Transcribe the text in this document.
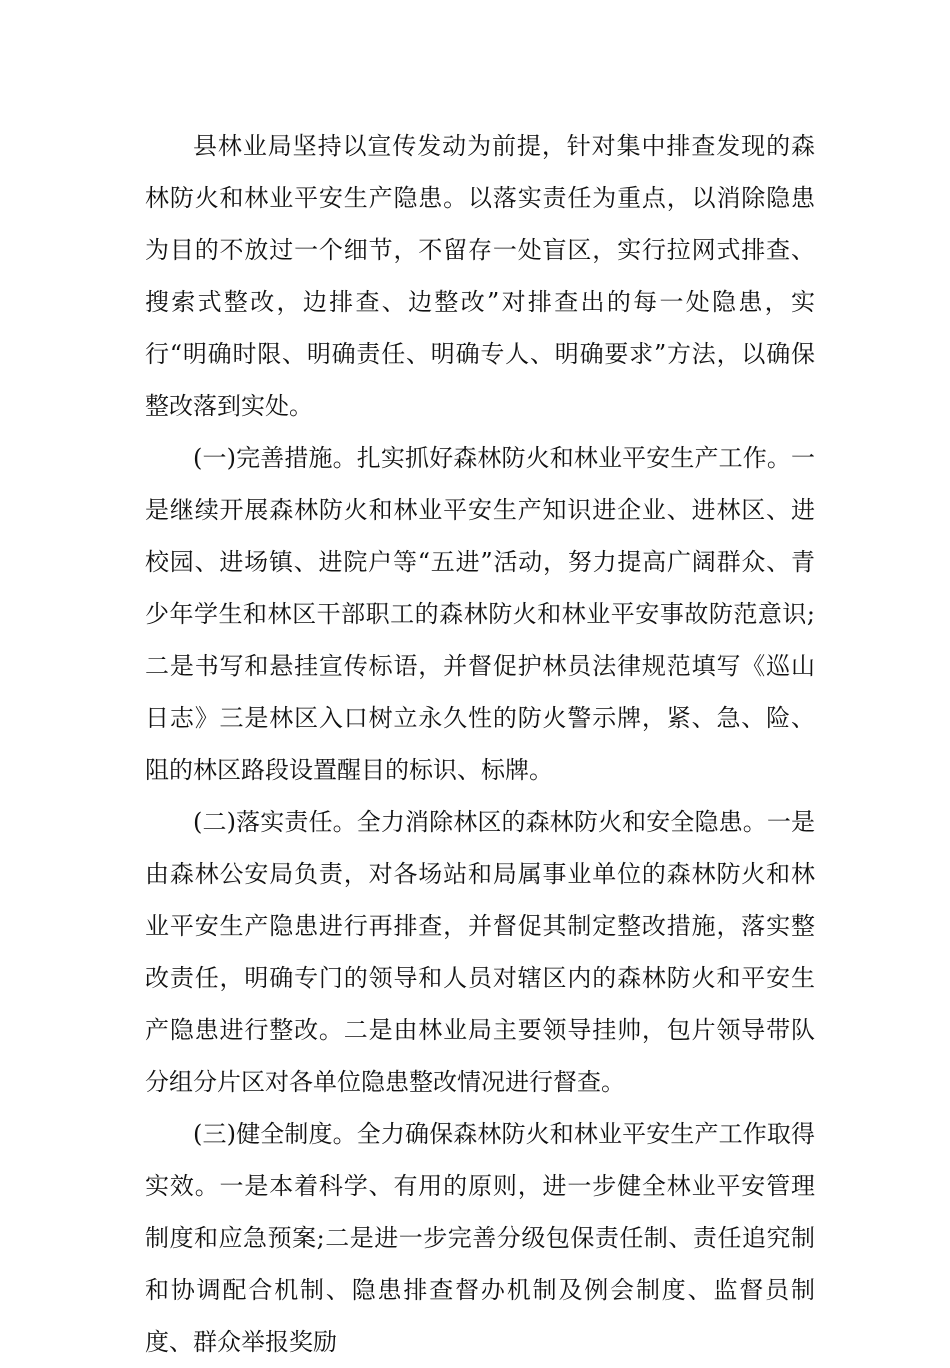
县林业局坚持以宣传发动为前提，针对集中排查发现的森林防火和林业平安生产隐患。以落实责任为重点，以消除隐患为目的不放过一个细节，不留存一处盲区，实行拉网式排查、搜索式整改，边排查、边整改”对排查出的每一处隐患，实行“明确时限、明确责任、明确专人、明确要求”方法，以确保整改落到实处。

(一)完善措施。扎实抓好森林防火和林业平安生产工作。一是继续开展森林防火和林业平安生产知识进企业、进林区、进校园、进场镇、进院户等“五进”活动，努力提高广阔群众、青少年学生和林区干部职工的森林防火和林业平安事故防范意识;二是书写和悬挂宣传标语，并督促护林员法律规范填写《巡山日志》三是林区入口树立永久性的防火警示牌，紧、急、险、阻的林区路段设置醒目的标识、标牌。

(二)落实责任。全力消除林区的森林防火和安全隐患。一是由森林公安局负责，对各场站和局属事业单位的森林防火和林业平安生产隐患进行再排查，并督促其制定整改措施，落实整改责任，明确专门的领导和人员对辖区内的森林防火和平安生产隐患进行整改。二是由林业局主要领导挂帅，包片领导带队分组分片区对各单位隐患整改情况进行督查。

(三)健全制度。全力确保森林防火和林业平安生产工作取得实效。一是本着科学、有用的原则，进一步健全林业平安管理制度和应急预案;二是进一步完善分级包保责任制、责任追究制和协调配合机制、隐患排查督办机制及例会制度、监督员制度、群众举报奖励
